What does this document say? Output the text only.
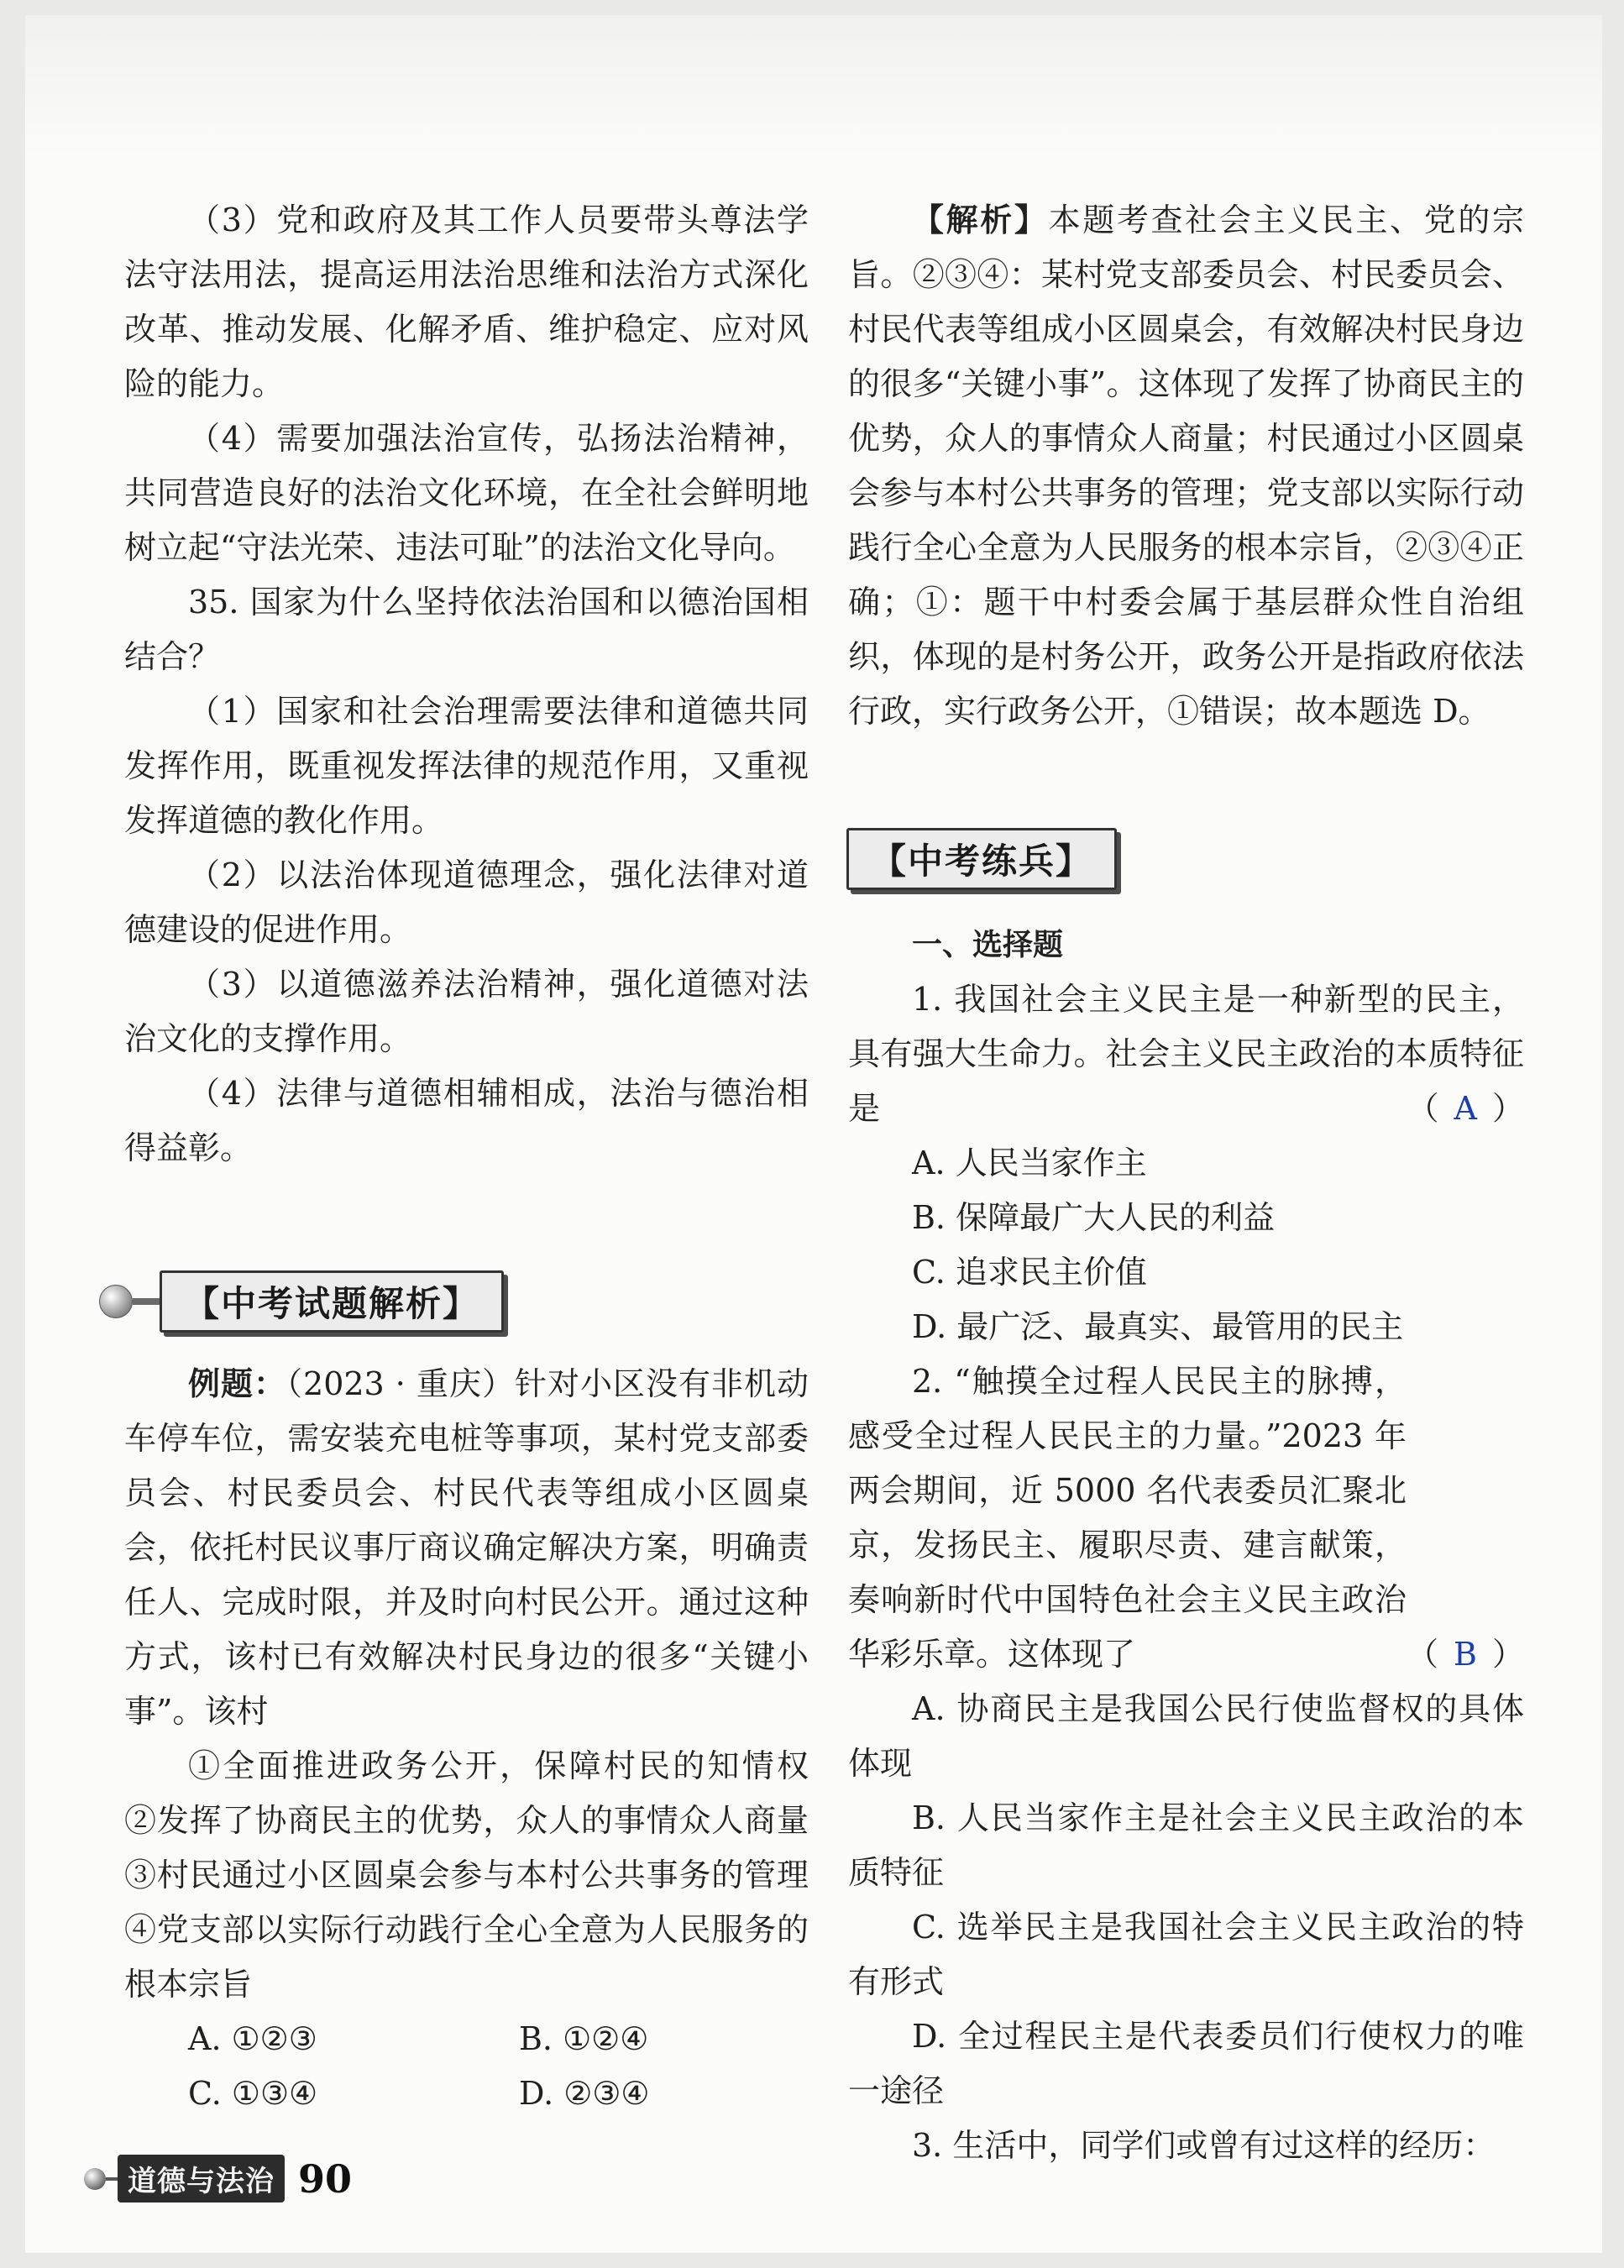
（3）党和政府及其工作人员要带头尊法学法守法用法，提高运用法治思维和法治方式深化改革、推动发展、化解矛盾、维护稳定、应对风险的能力。

（4）需要加强法治宣传，弘扬法治精神，共同营造良好的法治文化环境，在全社会鲜明地树立起“守法光荣、违法可耻”的法治文化导向。

35. 国家为什么坚持依法治国和以德治国相结合？

（1）国家和社会治理需要法律和道德共同发挥作用，既重视发挥法律的规范作用，又重视发挥道德的教化作用。

（2）以法治体现道德理念，强化法律对道德建设的促进作用。

（3）以道德滋养法治精神，强化道德对法治文化的支撑作用。

（4）法律与道德相辅相成，法治与德治相得益彰。

【中考试题解析】

例题：（2023 · 重庆）针对小区没有非机动车停车位，需安装充电桩等事项，某村党支部委员会、村民委员会、村民代表等组成小区圆桌会，依托村民议事厅商议确定解决方案，明确责任人、完成时限，并及时向村民公开。通过这种方式，该村已有效解决村民身边的很多“关键小事”。该村

①全面推进政务公开，保障村民的知情权　②发挥了协商民主的优势，众人的事情众人商量　③村民通过小区圆桌会参与本村公共事务的管理　④党支部以实际行动践行全心全意为人民服务的根本宗旨

A. ①②③	B. ①②④
C. ①③④	D. ②③④

【解析】本题考查社会主义民主、党的宗旨。②③④：某村党支部委员会、村民委员会、村民代表等组成小区圆桌会，有效解决村民身边的很多“关键小事”。这体现了发挥了协商民主的优势，众人的事情众人商量；村民通过小区圆桌会参与本村公共事务的管理；党支部以实际行动践行全心全意为人民服务的根本宗旨，②③④正确；①：题干中村委会属于基层群众性自治组织，体现的是村务公开，政务公开是指政府依法行政，实行政务公开，①错误；故本题选 D。

【中考练兵】

一、选择题

1. 我国社会主义民主是一种新型的民主，具有强大生命力。社会主义民主政治的本质特征是	（ A ）

A. 人民当家作主

B. 保障最广大人民的利益

C. 追求民主价值

D. 最广泛、最真实、最管用的民主

2. “触摸全过程人民民主的脉搏，感受全过程人民民主的力量。”2023 年两会期间，近 5000 名代表委员汇聚北京，发扬民主、履职尽责、建言献策，奏响新时代中国特色社会主义民主政治华彩乐章。这体现了	（ B ）

A. 协商民主是我国公民行使监督权的具体体现

B. 人民当家作主是社会主义民主政治的本质特征

C. 选举民主是我国社会主义民主政治的特有形式

D. 全过程民主是代表委员们行使权力的唯一途径

3. 生活中，同学们或曾有过这样的经历：

道德与法治 90
